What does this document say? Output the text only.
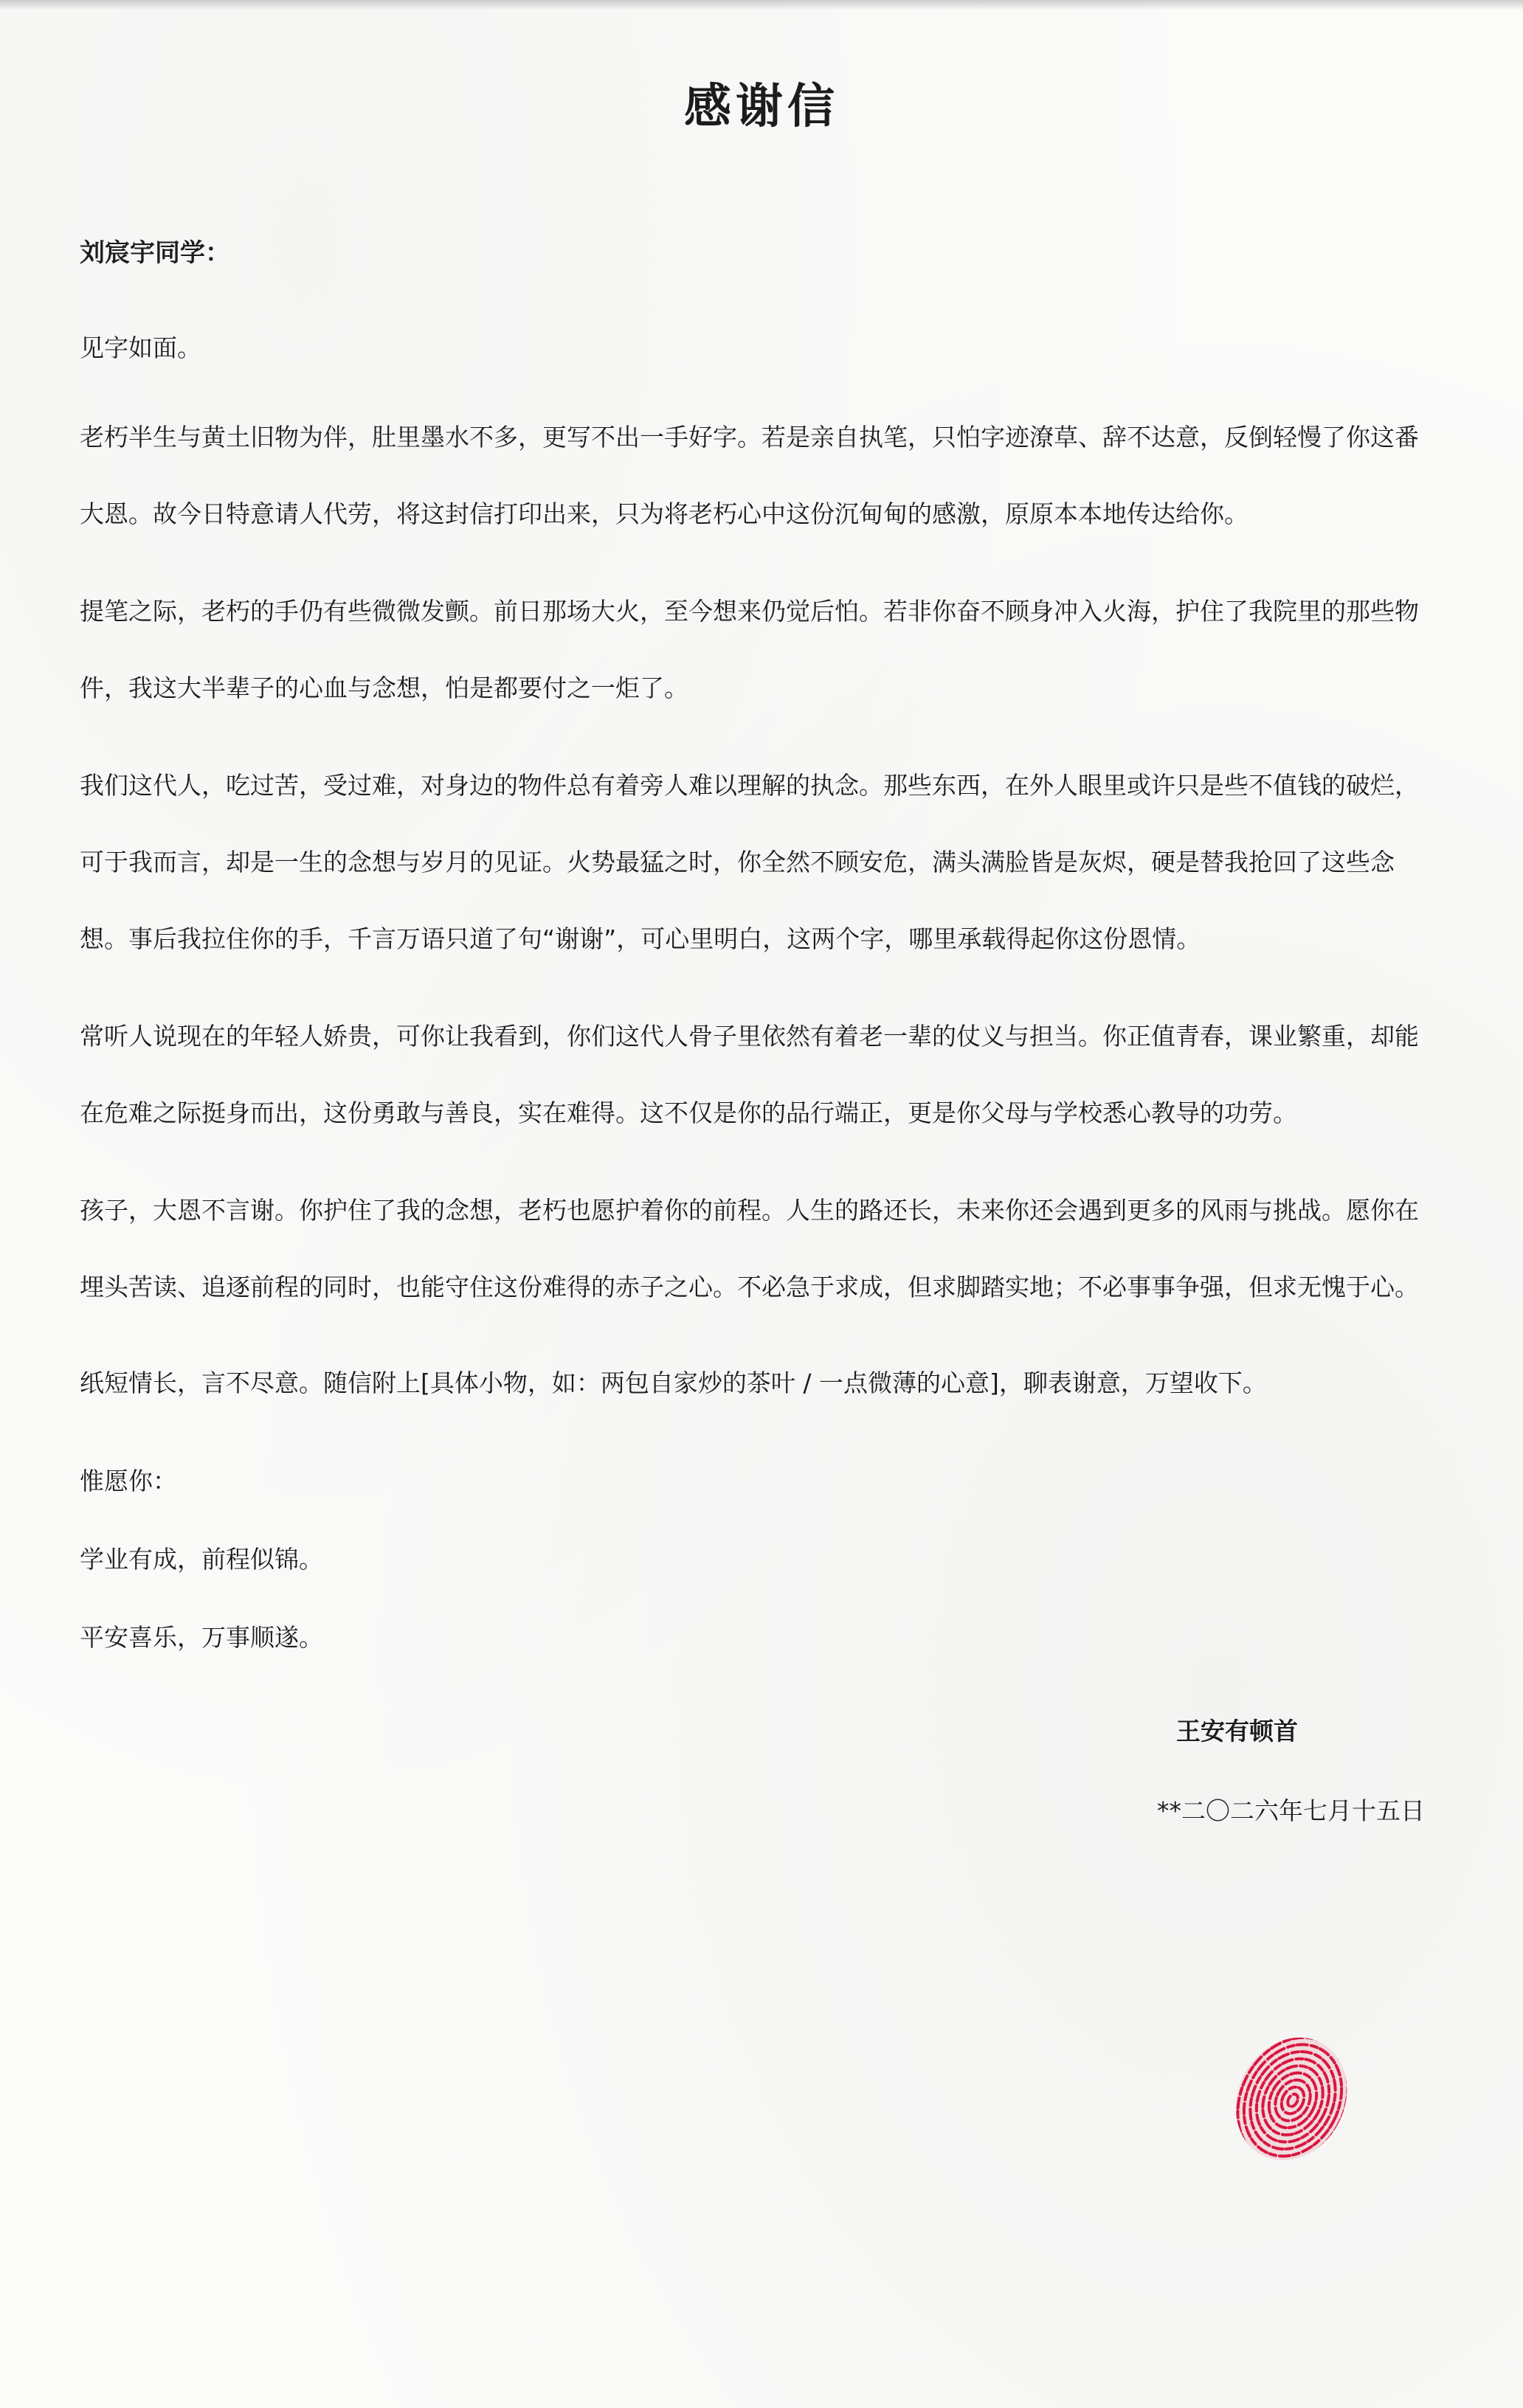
感谢信
刘宸宇同学：

见字如面。

老朽半生与黄土旧物为伴，肚里墨水不多，更写不出一手好字。若是亲自执笔，只怕字迹潦草、辞不达意，反倒轻慢了你这番大恩。故今日特意请人代劳，将这封信打印出来，只为将老朽心中这份沉甸甸的感激，原原本本地传达给你。

提笔之际，老朽的手仍有些微微发颤。前日那场大火，至今想来仍觉后怕。若非你奋不顾身冲入火海，护住了我院里的那些物件，我这大半辈子的心血与念想，怕是都要付之一炬了。

我们这代人，吃过苦，受过难，对身边的物件总有着旁人难以理解的执念。那些东西，在外人眼里或许只是些不值钱的破烂，可于我而言，却是一生的念想与岁月的见证。火势最猛之时，你全然不顾安危，满头满脸皆是灰烬，硬是替我抢回了这些念想。事后我拉住你的手，千言万语只道了句“谢谢”，可心里明白，这两个字，哪里承载得起你这份恩情。

常听人说现在的年轻人娇贵，可你让我看到，你们这代人骨子里依然有着老一辈的仗义与担当。你正值青春，课业繁重，却能在危难之际挺身而出，这份勇敢与善良，实在难得。这不仅是你的品行端正，更是你父母与学校悉心教导的功劳。

孩子，大恩不言谢。你护住了我的念想，老朽也愿护着你的前程。人生的路还长，未来你还会遇到更多的风雨与挑战。愿你在埋头苦读、追逐前程的同时，也能守住这份难得的赤子之心。不必急于求成，但求脚踏实地；不必事事争强，但求无愧于心。

纸短情长，言不尽意。随信附上[具体小物，如：两包自家炒的茶叶 / 一点微薄的心意]，聊表谢意，万望收下。

惟愿你：
学业有成，前程似锦。
平安喜乐，万事顺遂。
王安有顿首
**二〇二六年七月十五日
